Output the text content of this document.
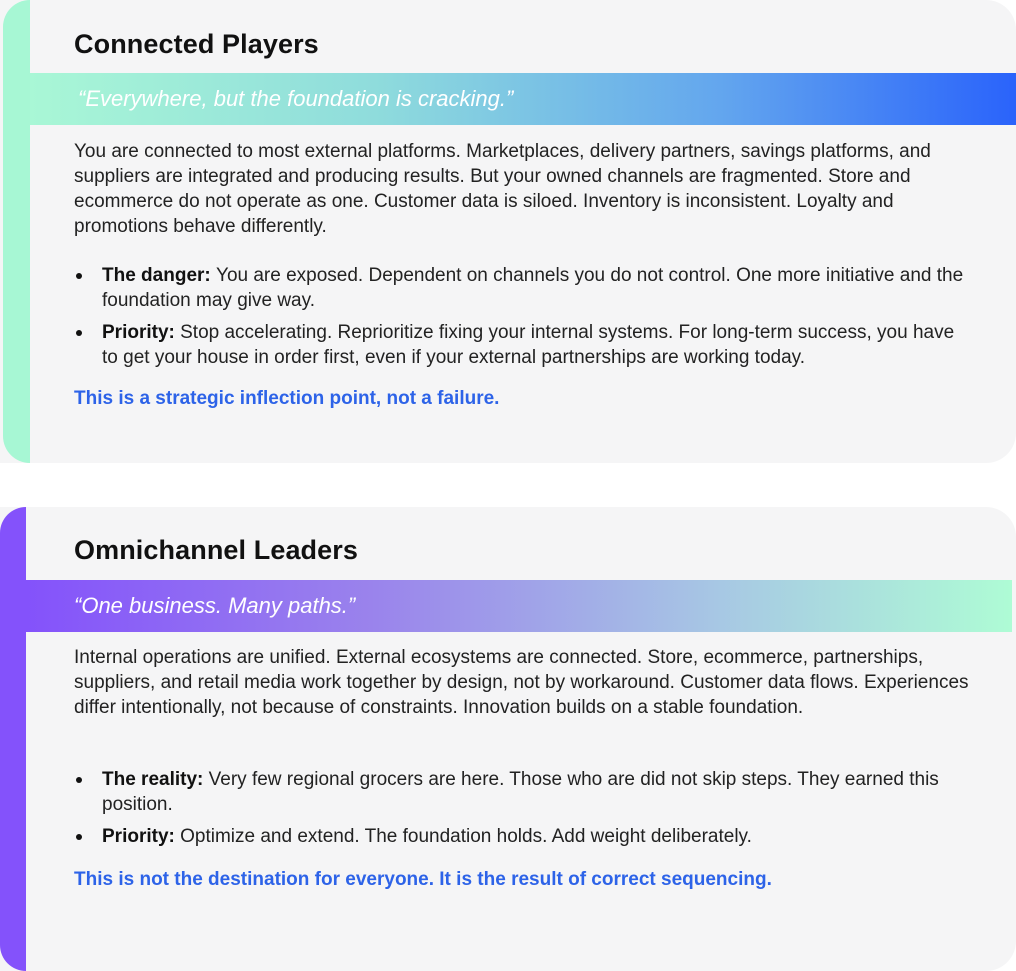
Connected Players
“Everywhere, but the foundation is cracking.”

You are connected to most external platforms. Marketplaces, delivery partners, savings platforms, and suppliers are integrated and producing results. But your owned channels are fragmented. Store and ecommerce do not operate as one. Customer data is siloed. Inventory is inconsistent. Loyalty and promotions behave differently.

The danger: You are exposed. Dependent on channels you do not control. One more initiative and the foundation may give way.
Priority: Stop accelerating. Reprioritize fixing your internal systems. For long-term success, you have to get your house in order first, even if your external partnerships are working today.

This is a strategic inflection point, not a failure.

Omnichannel Leaders
“One business. Many paths.”

Internal operations are unified. External ecosystems are connected. Store, ecommerce, partnerships, suppliers, and retail media work together by design, not by workaround. Customer data flows. Experiences differ intentionally, not because of constraints. Innovation builds on a stable foundation.

The reality: Very few regional grocers are here. Those who are did not skip steps. They earned this position.
Priority: Optimize and extend. The foundation holds. Add weight deliberately.

This is not the destination for everyone. It is the result of correct sequencing.
